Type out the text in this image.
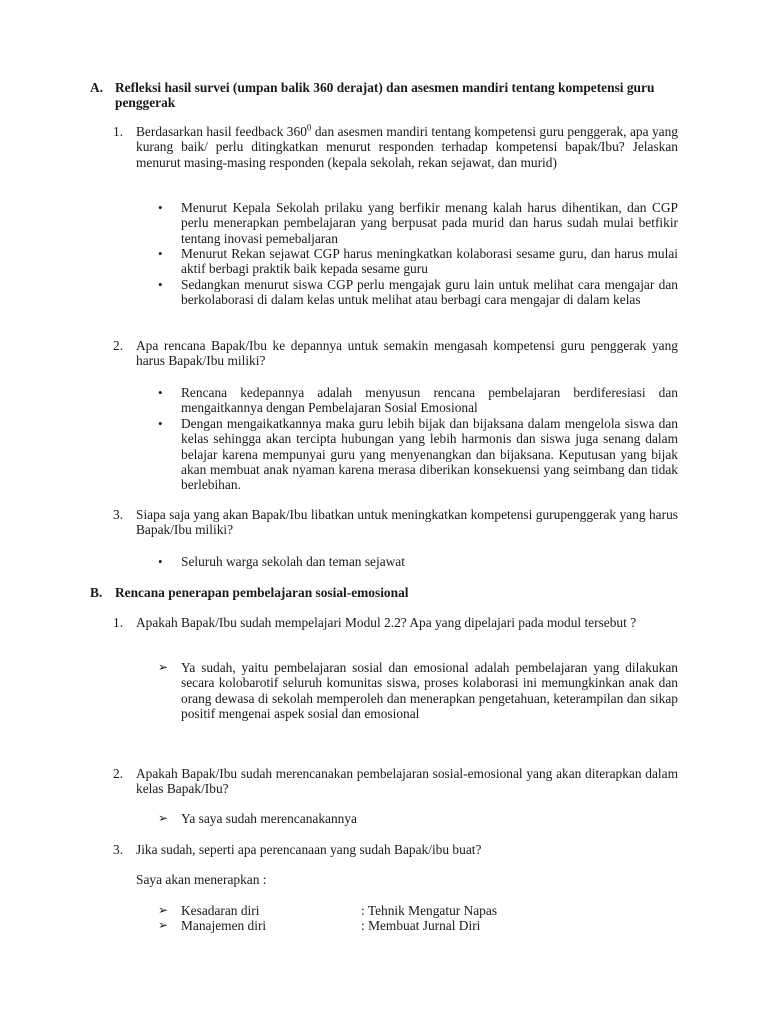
A. Refleksi hasil survei (umpan balik 360 derajat) dan asesmen mandiri tentang kompetensi guru penggerak
1. Berdasarkan hasil feedback $360^0$ dan asesmen mandiri tentang kompetensi guru penggerak, apa yang kurang baik/ perlu ditingkatkan menurut responden terhadap kompetensi bapak/Ibu? Jelaskan menurut masing-masing responden (kepala sekolah, rekan sejawat, dan murid)
•	Menurut Kepala Sekolah prilaku yang berfikir menang kalah harus dihentikan, dan CGP perlu menerapkan pembelajaran yang berpusat pada murid dan harus sudah mulai betfikir tentang inovasi pemebaljaran
•	Menurut Rekan sejawat CGP harus meningkatkan kolaborasi sesame guru, dan harus mulai aktif berbagi praktik baik kepada sesame guru
•	Sedangkan menurut siswa CGP perlu mengajak guru lain untuk melihat cara mengajar dan berkolaborasi di dalam kelas untuk melihat atau berbagi cara mengajar di dalam kelas
2. Apa rencana Bapak/Ibu ke depannya untuk semakin mengasah kompetensi guru penggerak yang harus Bapak/Ibu miliki?
•	Rencana kedepannya adalah menyusun rencana pembelajaran berdiferesiasi dan mengaitkannya dengan Pembelajaran Sosial Emosional
•	Dengan mengaikatkannya maka guru lebih bijak dan bijaksana dalam mengelola siswa dan kelas sehingga akan tercipta hubungan yang lebih harmonis dan siswa juga senang dalam belajar karena mempunyai guru yang menyenangkan dan bijaksana. Keputusan yang bijak akan membuat anak nyaman karena merasa diberikan konsekuensi yang seimbang dan tidak berlebihan.
3. Siapa saja yang akan Bapak/Ibu libatkan untuk meningkatkan kompetensi gurupenggerak yang harus Bapak/Ibu miliki?
•	Seluruh warga sekolah dan teman sejawat
B. Rencana penerapan pembelajaran sosial-emosional
1. Apakah Bapak/Ibu sudah mempelajari Modul 2.2? Apa yang dipelajari pada modul tersebut ?
➢ Ya sudah, yaitu pembelajaran sosial dan emosional adalah pembelajaran yang dilakukan secara kolobarotif seluruh komunitas siswa, proses kolaborasi ini memungkinkan anak dan orang dewasa di sekolah memperoleh dan menerapkan pengetahuan, keterampilan dan sikap positif mengenai aspek sosial dan emosional
2. Apakah Bapak/Ibu sudah merencanakan pembelajaran sosial-emosional yang akan diterapkan dalam kelas Bapak/Ibu?
➢ Ya saya sudah merencanakannya
3. Jika sudah, seperti apa perencanaan yang sudah Bapak/ibu buat?
Saya akan menerapkan :
➢ Kesadaran diri	: Tehnik Mengatur Napas
➢ Manajemen diri	: Membuat Jurnal Diri
